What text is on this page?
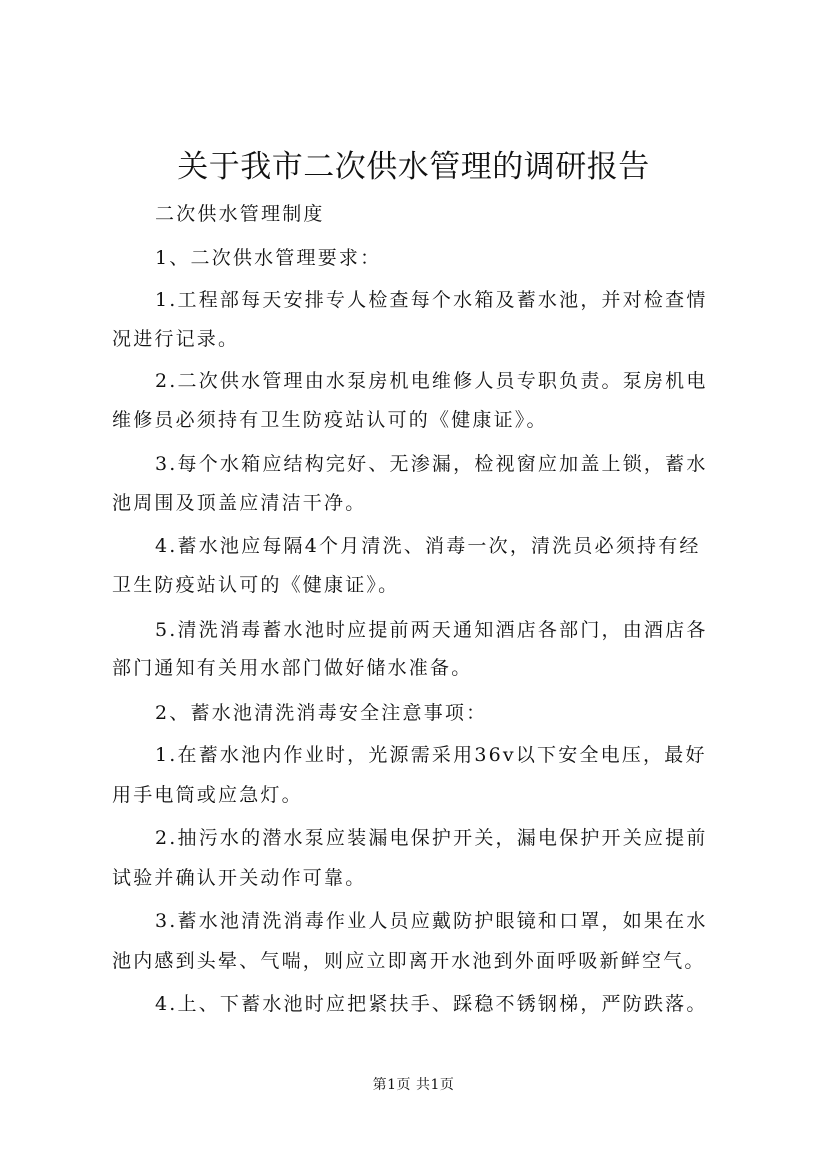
关于我市二次供水管理的调研报告
二次供水管理制度
1、二次供水管理要求：
1.工程部每天安排专人检查每个水箱及蓄水池，并对检查情
况进行记录。
2.二次供水管理由水泵房机电维修人员专职负责。泵房机电
维修员必须持有卫生防疫站认可的《健康证》。
3.每个水箱应结构完好、无渗漏，检视窗应加盖上锁，蓄水
池周围及顶盖应清洁干净。
4.蓄水池应每隔4个月清洗、消毒一次，清洗员必须持有经
卫生防疫站认可的《健康证》。
5.清洗消毒蓄水池时应提前两天通知酒店各部门，由酒店各
部门通知有关用水部门做好储水准备。
2、蓄水池清洗消毒安全注意事项：
1.在蓄水池内作业时，光源需采用36v以下安全电压，最好
用手电筒或应急灯。
2.抽污水的潜水泵应装漏电保护开关，漏电保护开关应提前
试验并确认开关动作可靠。
3.蓄水池清洗消毒作业人员应戴防护眼镜和口罩，如果在水
池内感到头晕、气喘，则应立即离开水池到外面呼吸新鲜空气。
4.上、下蓄水池时应把紧扶手、踩稳不锈钢梯，严防跌落。
第1页 共1页
